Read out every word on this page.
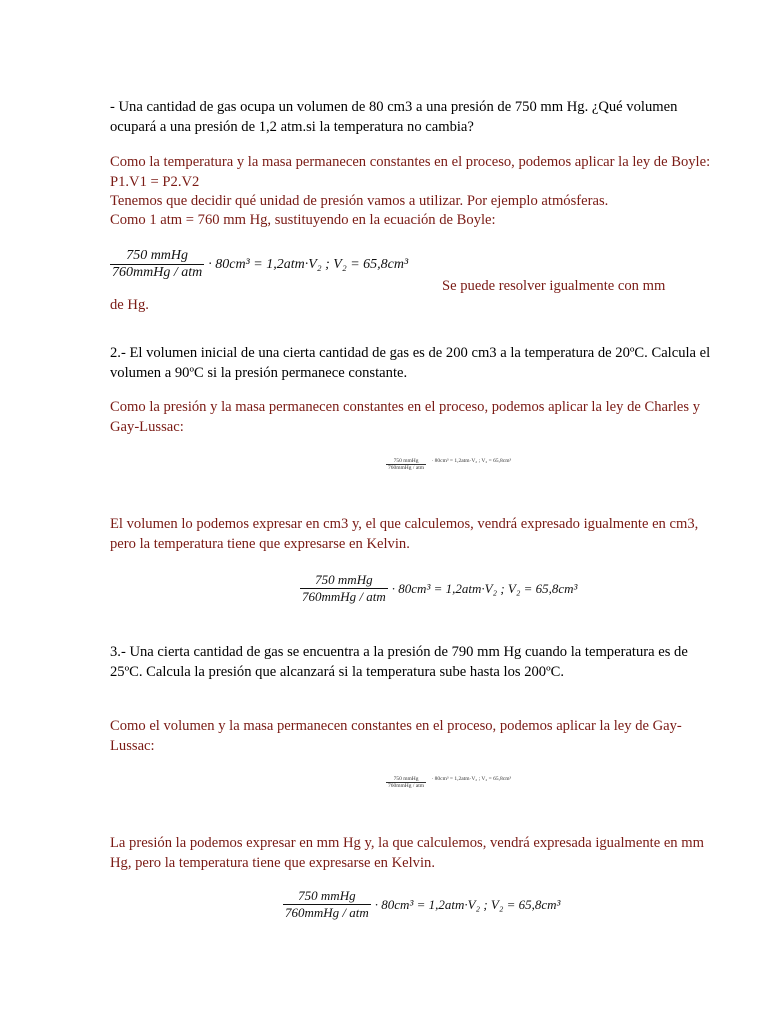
- Una cantidad de gas ocupa un volumen de 80 cm3 a una presión de 750 mm Hg. ¿Qué volumen ocupará a una presión de 1,2 atm.si la temperatura no cambia?

Como la temperatura y la masa permanecen constantes en el proceso, podemos aplicar la ley de Boyle: P1.V1 = P2.V2

Tenemos que decidir qué unidad de presión vamos a utilizar. Por ejemplo atmósferas.

Como 1 atm = 760 mm Hg, sustituyendo en la ecuación de Boyle:

$\frac{\text{750 mmHg}}{\text{760mmHg / atm}} \cdot 80cm^3 = 1,2atm\cdot V_2$ ; V₂ = 65,8cm³

Se puede resolver igualmente con mm

de Hg.

2.- El volumen inicial de una cierta cantidad de gas es de 200 cm3 a la temperatura de 20ºC. Calcula el volumen a 90ºC si la presión permanece constante.

Como la presión y la masa permanecen constantes en el proceso, podemos aplicar la ley de Charles y Gay-Lussac:

$\frac{\text{750 mmHg}}{\text{760mmHg / atm}} \cdot 80cm^3 = 1,2atm\cdot V_2$ ; V₂ = 65,8cm³

El volumen lo podemos expresar en cm3 y, el que calculemos, vendrá expresado igualmente en cm3, pero la temperatura tiene que expresarse en Kelvin.

$\frac{\text{750 mmHg}}{\text{760mmHg / atm}} \cdot 80cm^3 = 1,2atm\cdot V_2$ ; V₂ = 65,8cm³

3.- Una cierta cantidad de gas se encuentra a la presión de 790 mm Hg cuando la temperatura es de 25ºC. Calcula la presión que alcanzará si la temperatura sube hasta los 200ºC.

Como el volumen y la masa permanecen constantes en el proceso, podemos aplicar la ley de Gay-Lussac:

$\frac{\text{750 mmHg}}{\text{760mmHg / atm}} \cdot 80cm^3 = 1,2atm\cdot V_2$ ; V₂ = 65,8cm³

La presión la podemos expresar en mm Hg y, la que calculemos, vendrá expresada igualmente en mm Hg, pero la temperatura tiene que expresarse en Kelvin.

$\frac{\text{750 mmHg}}{\text{760mmHg / atm}} \cdot 80cm^3 = 1,2atm\cdot V_2$ ; V₂ = 65,8cm³
